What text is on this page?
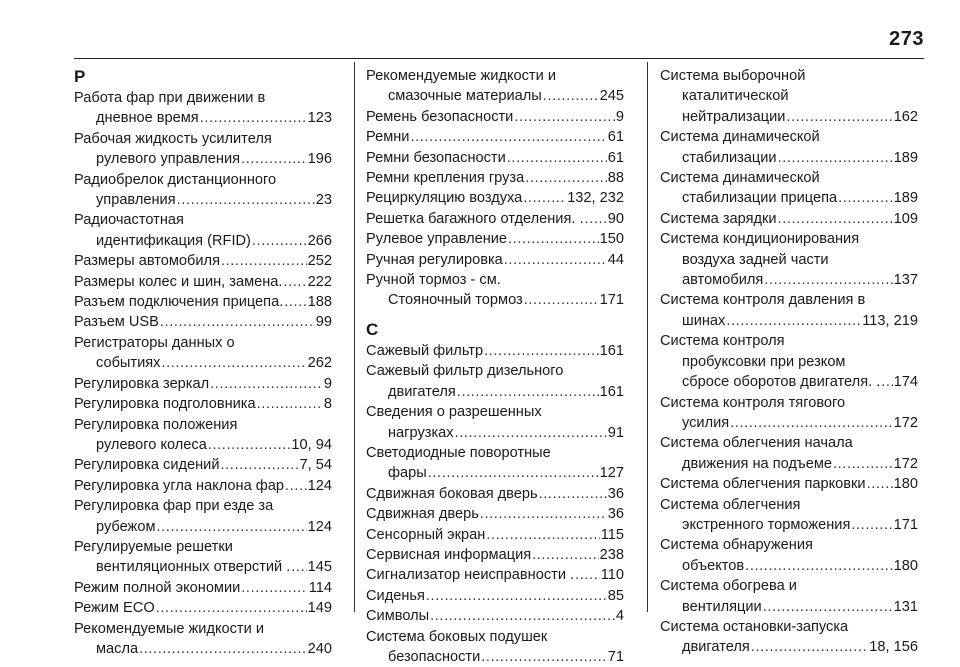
273
Р
Работа фар при движении в
дневное время .....	123
Рабочая жидкость усилителя
рулевого управления .....	196
Радиобрелок дистанционного
управления .....	23
Радиочастотная
идентификация (RFID) .....	266
Размеры автомобиля .....	252
Размеры колес и шин, замена. ..... 222
Разъем подключения прицепа. ..... 188
Разъем USB .....	99
Регистраторы данных о
событиях .....	262
Регулировка зеркал .....	9
Регулировка подголовника .....	8
Регулировка положения
рулевого колеса .....	10, 94
Регулировка сидений .....	7, 54
Регулировка угла наклона фар ..... 124
Регулировка фар при езде за
рубежом .....	124
Регулируемые решетки
вентиляционных отверстий . ..... 145
Режим полной экономии .....	114
Режим ECO .....	149
Рекомендуемые жидкости и
масла .....	240
Рекомендуемые жидкости и
смазочные материалы .....	245
Ремень безопасности .....	9
Ремни .....	61
Ремни безопасности .....	61
Ремни крепления груза .....	88
Рециркуляцию воздуха .....	132, 232
Решетка багажного отделения. . ..... 90
Рулевое управление .....	150
Ручная регулировка .....	44
Ручной тормоз - см.
Стояночный тормоз .....	171
С
Сажевый фильтр .....	161
Сажевый фильтр дизельного
двигателя .....	161
Сведения о разрешенных
нагрузках .....	91
Светодиодные поворотные
фары .....	127
Сдвижная боковая дверь .....	36
Сдвижная дверь .....	36
Сенсорный экран .....	115
Сервисная информация .....	238
Сигнализатор неисправности . ..... 110
Сиденья .....	85
Символы .....	4
Система боковых подушек
безопасности .....	71
Система выборочной
каталитической
нейтрализации .....	162
Система динамической
стабилизации .....	189
Система динамической
стабилизации прицепа .....	189
Система зарядки .....	109
Система кондиционирования
воздуха задней части
автомобиля .....	137
Система контроля давления в
шинах .....	113, 219
Система контроля
пробуксовки при резком
сбросе оборотов двигателя. . ..... 174
Система контроля тягового
усилия .....	172
Система облегчения начала
движения на подъеме .....	172
Система облегчения парковки ..... 180
Система облегчения
экстренного торможения .....	171
Система обнаружения
объектов .....	180
Система обогрева и
вентиляции .....	131
Система остановки-запуска
двигателя .....	18, 156
